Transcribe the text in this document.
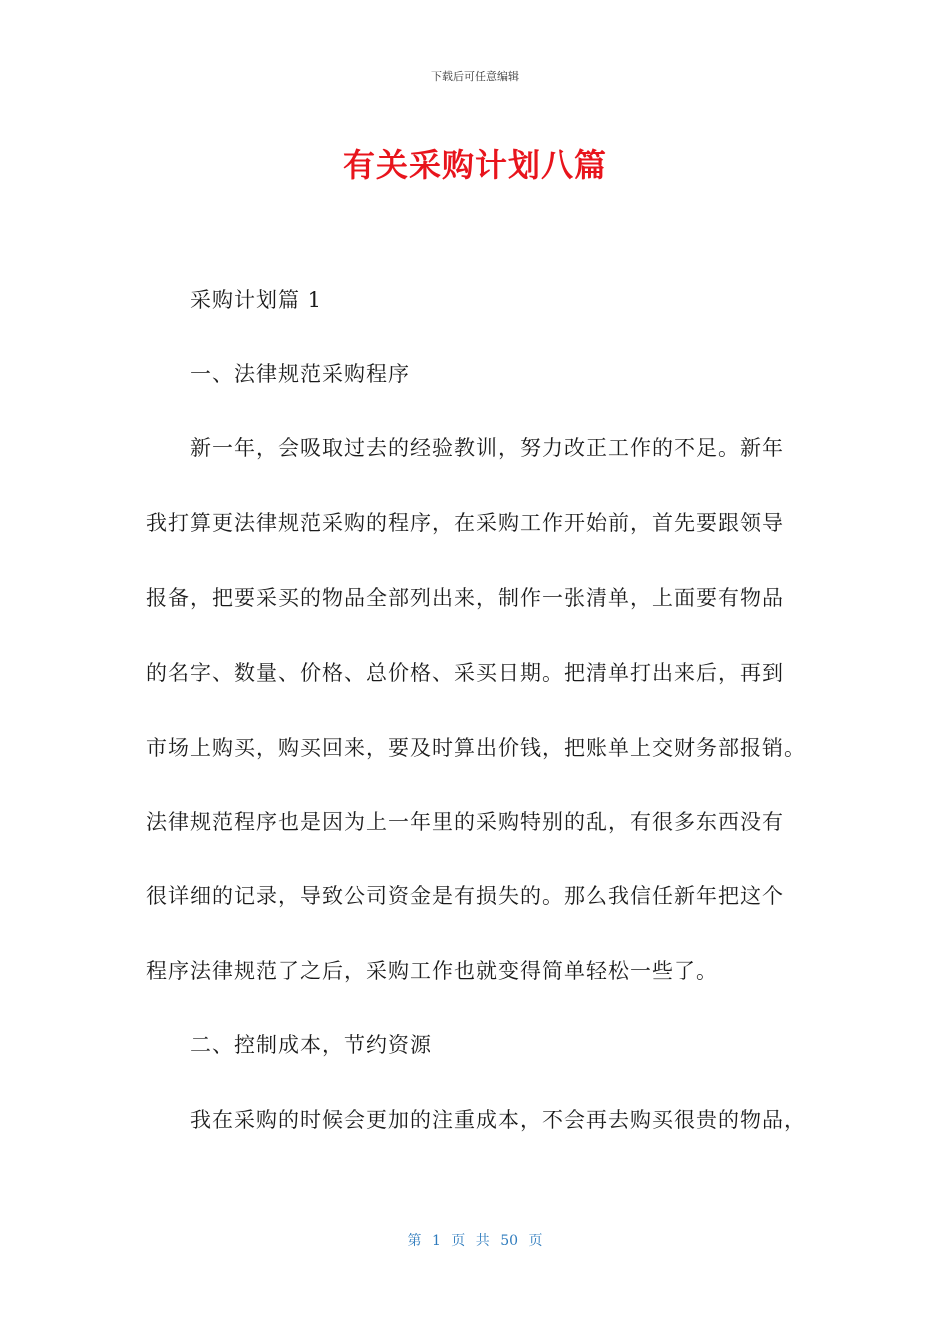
下载后可任意编辑
有关采购计划八篇
采购计划篇 1
一、法律规范采购程序
新一年，会吸取过去的经验教训，努力改正工作的不足。新年
我打算更法律规范采购的程序，在采购工作开始前，首先要跟领导
报备，把要采买的物品全部列出来，制作一张清单，上面要有物品
的名字、数量、价格、总价格、采买日期。把清单打出来后，再到
市场上购买，购买回来，要及时算出价钱，把账单上交财务部报销。
法律规范程序也是因为上一年里的采购特别的乱，有很多东西没有
很详细的记录，导致公司资金是有损失的。那么我信任新年把这个
程序法律规范了之后，采购工作也就变得简单轻松一些了。
二、控制成本，节约资源
我在采购的时候会更加的注重成本，不会再去购买很贵的物品，
第 1 页 共 50 页
